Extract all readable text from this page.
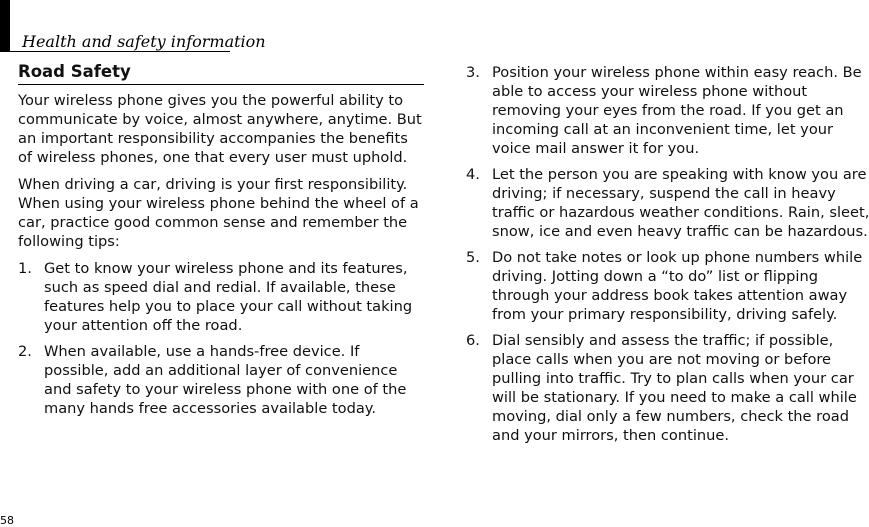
Health and safety information
Road Safety

Your wireless phone gives you the powerful ability to communicate by voice, almost anywhere, anytime. But an important responsibility accompanies the benefits of wireless phones, one that every user must uphold.

When driving a car, driving is your first responsibility. When using your wireless phone behind the wheel of a car, practice good common sense and remember the following tips:

1. Get to know your wireless phone and its features, such as speed dial and redial. If available, these features help you to place your call without taking your attention off the road.
2. When available, use a hands-free device. If possible, add an additional layer of convenience and safety to your wireless phone with one of the many hands free accessories available today.
3. Position your wireless phone within easy reach. Be able to access your wireless phone without removing your eyes from the road. If you get an incoming call at an inconvenient time, let your voice mail answer it for you.
4. Let the person you are speaking with know you are driving; if necessary, suspend the call in heavy traffic or hazardous weather conditions. Rain, sleet, snow, ice and even heavy traffic can be hazardous.
5. Do not take notes or look up phone numbers while driving. Jotting down a “to do” list or flipping through your address book takes attention away from your primary responsibility, driving safely.
6. Dial sensibly and assess the traffic; if possible, place calls when you are not moving or before pulling into traffic. Try to plan calls when your car will be stationary. If you need to make a call while moving, dial only a few numbers, check the road and your mirrors, then continue.
58
